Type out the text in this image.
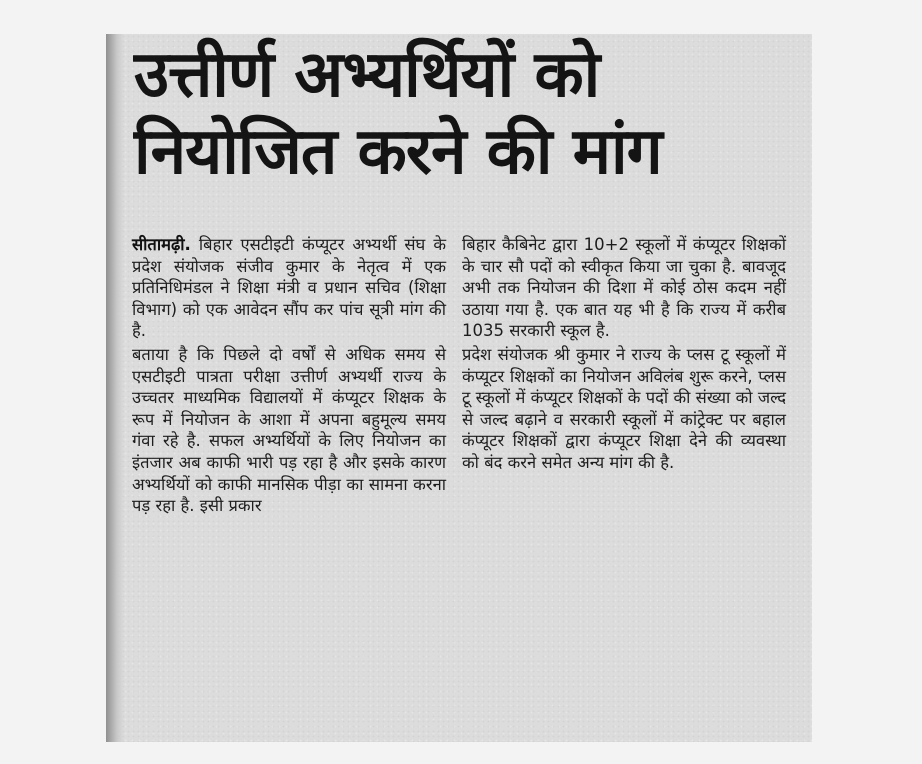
उत्तीर्ण अभ्यर्थियों को
नियोजित करने की मांग

सीतामढ़ी. बिहार एसटीइटी कंप्यूटर अभ्यर्थी संघ के प्रदेश संयोजक संजीव कुमार के नेतृत्व में एक प्रतिनिधिमंडल ने शिक्षा मंत्री व प्रधान सचिव (शिक्षा विभाग) को एक आवेदन सौंप कर पांच सूत्री मांग की है.

बताया है कि पिछले दो वर्षों से अधिक समय से एसटीइटी पात्रता परीक्षा उत्तीर्ण अभ्यर्थी राज्य के उच्चतर माध्यमिक विद्यालयों में कंप्यूटर शिक्षक के रूप में नियोजन के आशा में अपना बहुमूल्य समय गंवा रहे है. सफल अभ्यर्थियों के लिए नियोजन का इंतजार अब काफी भारी पड़ रहा है और इसके कारण अभ्यर्थियों को काफी मानसिक पीड़ा का सामना करना पड़ रहा है. इसी प्रकार

बिहार कैबिनेट द्वारा 10+2 स्कूलों में कंप्यूटर शिक्षकों के चार सौ पदों को स्वीकृत किया जा चुका है. बावजूद अभी तक नियोजन की दिशा में कोई ठोस कदम नहीं उठाया गया है. एक बात यह भी है कि राज्य में करीब 1035 सरकारी स्कूल है.

प्रदेश संयोजक श्री कुमार ने राज्य के प्लस टू स्कूलों में कंप्यूटर शिक्षकों का नियोजन अविलंब शुरू करने, प्लस टू स्कूलों में कंप्यूटर शिक्षकों के पदों की संख्या को जल्द से जल्द बढ़ाने व सरकारी स्कूलों में कांट्रेक्ट पर बहाल कंप्यूटर शिक्षकों द्वारा कंप्यूटर शिक्षा देने की व्यवस्था को बंद करने समेत अन्य मांग की है.
